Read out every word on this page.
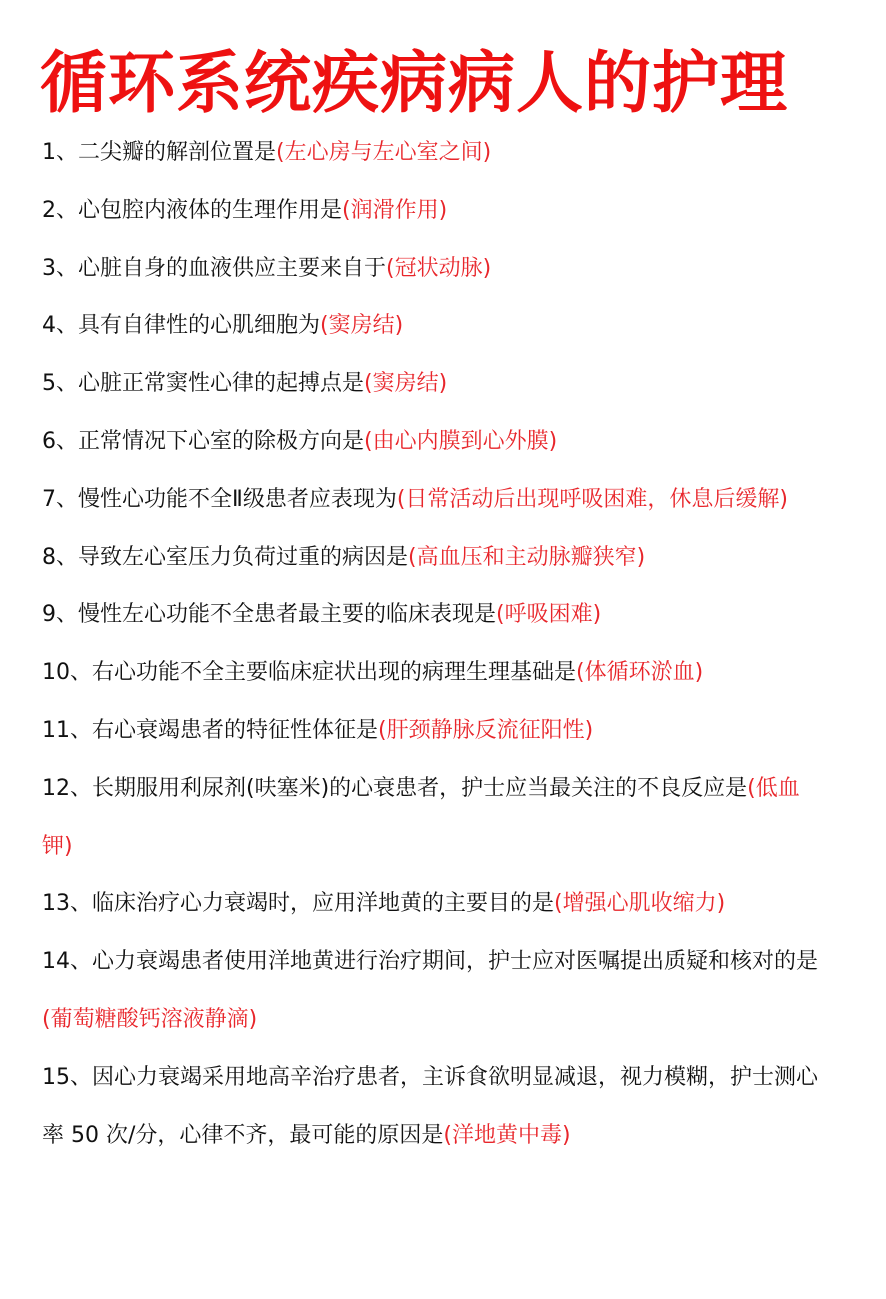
循环系统疾病病人的护理
1、二尖瓣的解剖位置是(左心房与左心室之间)
2、心包腔内液体的生理作用是(润滑作用)
3、心脏自身的血液供应主要来自于(冠状动脉)
4、具有自律性的心肌细胞为(窦房结)
5、心脏正常窦性心律的起搏点是(窦房结)
6、正常情况下心室的除极方向是(由心内膜到心外膜)
7、慢性心功能不全Ⅱ级患者应表现为(日常活动后出现呼吸困难，休息后缓解)
8、导致左心室压力负荷过重的病因是(高血压和主动脉瓣狭窄)
9、慢性左心功能不全患者最主要的临床表现是(呼吸困难)
10、右心功能不全主要临床症状出现的病理生理基础是(体循环淤血)
11、右心衰竭患者的特征性体征是(肝颈静脉反流征阳性)
12、长期服用利尿剂(呋塞米)的心衰患者，护士应当最关注的不良反应是(低血钾)
13、临床治疗心力衰竭时，应用洋地黄的主要目的是(增强心肌收缩力)
14、心力衰竭患者使用洋地黄进行治疗期间，护士应对医嘱提出质疑和核对的是(葡萄糖酸钙溶液静滴)
15、因心力衰竭采用地高辛治疗患者，主诉食欲明显减退，视力模糊，护士测心率 50 次/分，心律不齐，最可能的原因是(洋地黄中毒)
